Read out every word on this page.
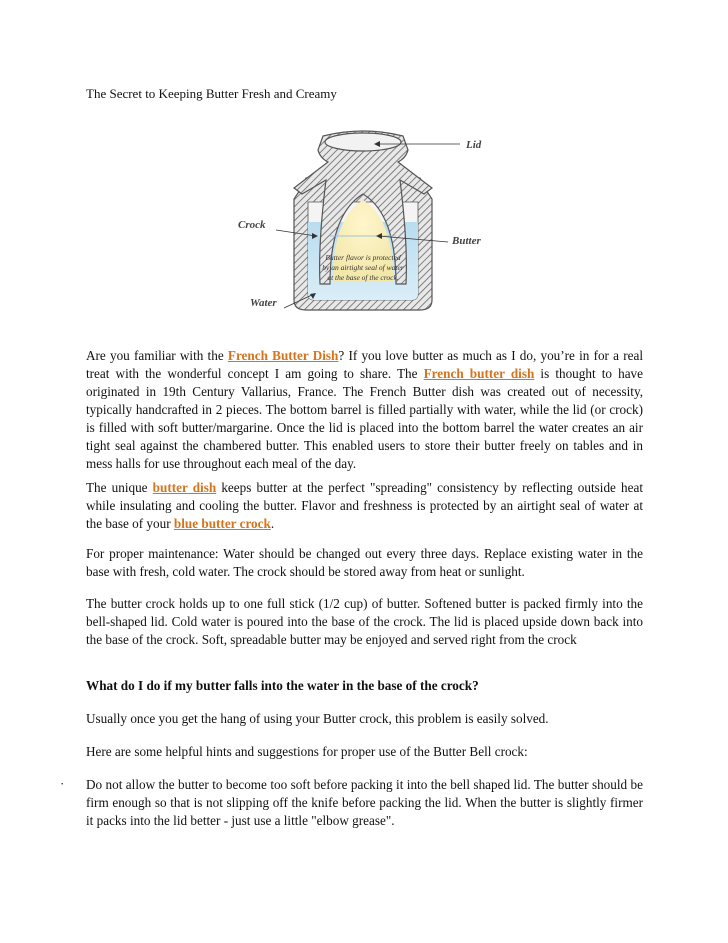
The Secret to Keeping Butter Fresh and Creamy
Lid
Crock
Butter
Water
Butter flavor is protected
by an airtight seal of water
at the base of the crock.

Are you familiar with the French Butter Dish? If you love butter as much as I do, you’re in for a real treat with the wonderful concept I am going to share. The French butter dish is thought to have originated in 19th Century Vallarius, France. The French Butter dish was created out of necessity, typically handcrafted in 2 pieces. The bottom barrel is filled partially with water, while the lid (or crock) is filled with soft butter/margarine. Once the lid is placed into the bottom barrel the water creates an air tight seal against the chambered butter. This enabled users to store their butter freely on tables and in mess halls for use throughout each meal of the day.

The unique butter dish keeps butter at the perfect "spreading" consistency by reflecting outside heat while insulating and cooling the butter. Flavor and freshness is protected by an airtight seal of water at the base of your blue butter crock.

For proper maintenance: Water should be changed out every three days. Replace existing water in the base with fresh, cold water. The crock should be stored away from heat or sunlight.
The butter crock holds up to one full stick (1/2 cup) of butter. Softened butter is packed firmly into the bell-shaped lid. Cold water is poured into the base of the crock. The lid is placed upside down back into the base of the crock. Soft, spreadable butter may be enjoyed and served right from the crock
What do I do if my butter falls into the water in the base of the crock?
Usually once you get the hang of using your Butter crock, this problem is easily solved.
Here are some helpful hints and suggestions for proper use of the Butter Bell crock:
· Do not allow the butter to become too soft before packing it into the bell shaped lid. The butter should be firm enough so that is not slipping off the knife before packing the lid. When the butter is slightly firmer it packs into the lid better - just use a little "elbow grease".
